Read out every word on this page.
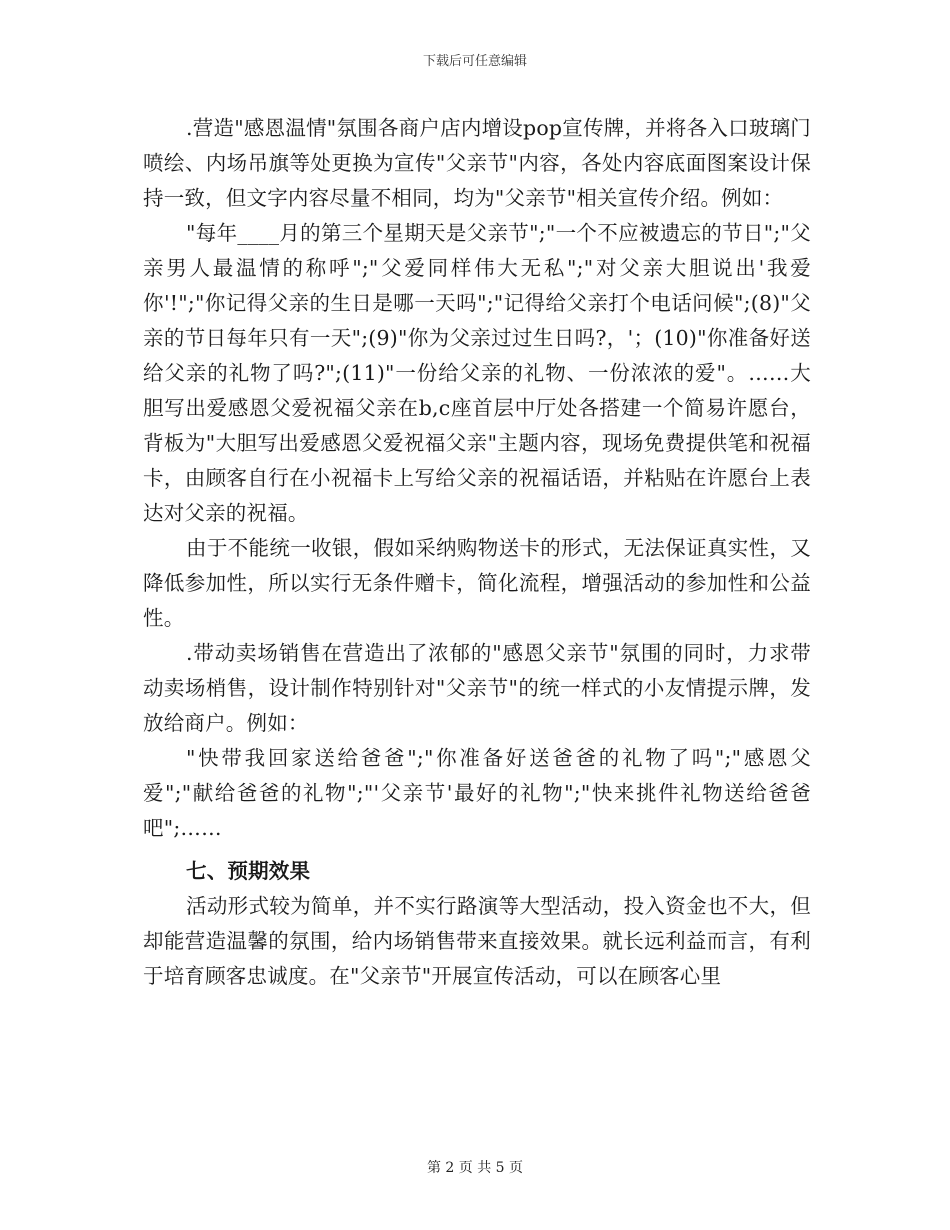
下载后可任意编辑

.营造"感恩温情"氛围各商户店内增设pop宣传牌，并将各入口玻璃门喷绘、内场吊旗等处更换为宣传"父亲节"内容，各处内容底面图案设计保持一致，但文字内容尽量不相同，均为"父亲节"相关宣传介绍。例如：

"每年____月的第三个星期天是父亲节";"一个不应被遗忘的节日";"父亲男人最温情的称呼";"父爱同样伟大无私";"对父亲大胆说出'我爱你'!";"你记得父亲的生日是哪一天吗";"记得给父亲打个电话问候";(8)"父亲的节日每年只有一天";(9)"你为父亲过过生日吗?，'；(10)"你准备好送给父亲的礼物了吗?";(11)"一份给父亲的礼物、一份浓浓的爱"。……大胆写出爱感恩父爱祝福父亲在b,c座首层中厅处各搭建一个简易许愿台，背板为"大胆写出爱感恩父爱祝福父亲"主题内容，现场免费提供笔和祝福卡，由顾客自行在小祝福卡上写给父亲的祝福话语，并粘贴在许愿台上表达对父亲的祝福。

由于不能统一收银，假如采纳购物送卡的形式，无法保证真实性，又降低参加性，所以实行无条件赠卡，简化流程，增强活动的参加性和公益性。

.带动卖场销售在营造出了浓郁的"感恩父亲节"氛围的同时，力求带动卖场梢售，设计制作特别针对"父亲节"的统一样式的小友情提示牌，发放给商户。例如：

"快带我回家送给爸爸";"你准备好送爸爸的礼物了吗";"感恩父爱";"献给爸爸的礼物";"'父亲节'最好的礼物";"快来挑件礼物送给爸爸吧";……

七、预期效果

活动形式较为简单，并不实行路演等大型活动，投入资金也不大，但却能营造温馨的氛围，给内场销售带来直接效果。就长远利益而言，有利于培育顾客忠诚度。在"父亲节"开展宣传活动，可以在顾客心里

第 2 页 共 5 页
